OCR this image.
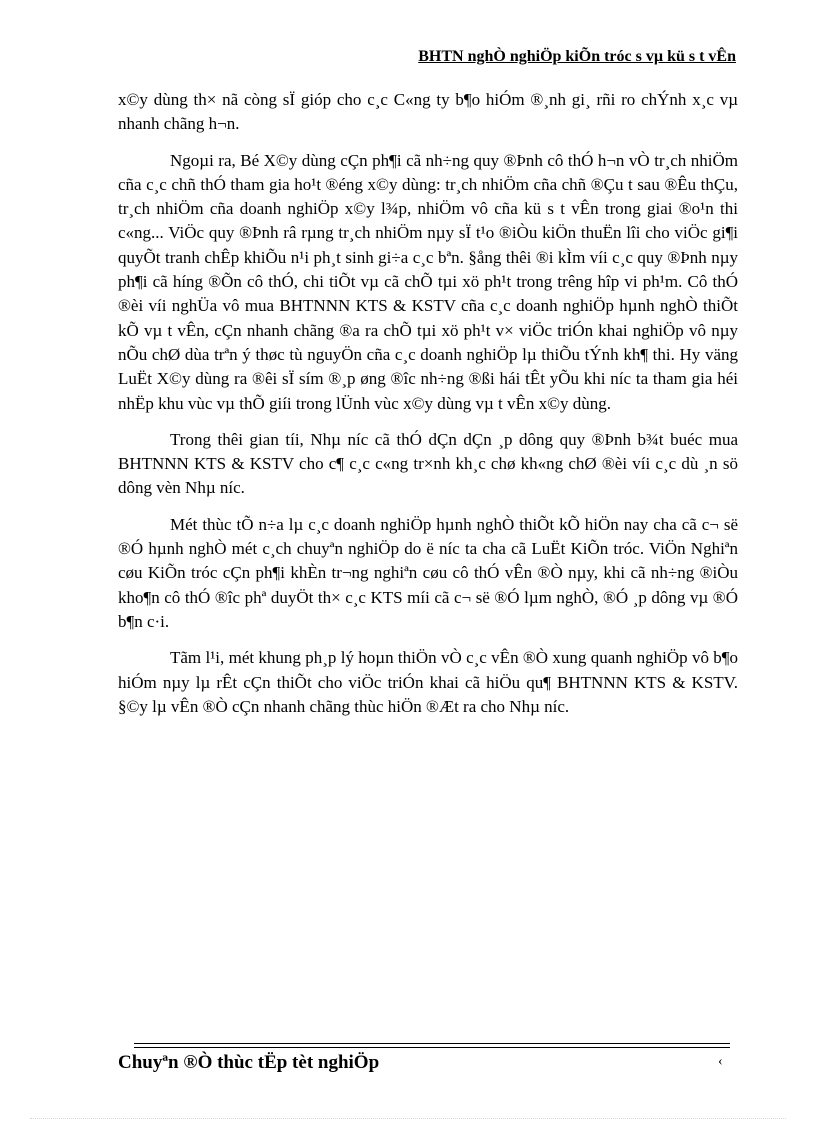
BHTN nghÒ nghiÖp kiÕn tróc s vµ kü s t vÊn

x©y dùng th× nã còng sÏ gióp cho c¸c C«ng ty b¶o hiÓm ®¸nh gi¸ rñi ro chÝnh x¸c vµ nhanh chãng h¬n.

Ngoµi ra, Bé X©y dùng cÇn ph¶i cã nh÷ng quy ®Þnh cô thÓ h¬n vÒ tr¸ch nhiÖm cña c¸c chñ thÓ tham gia ho¹t ®éng x©y dùng: tr¸ch nhiÖm cña chñ ®Çu t sau ®Êu thÇu, tr¸ch nhiÖm cña doanh nghiÖp x©y l¾p, nhiÖm vô cña kü s t vÊn trong giai ®o¹n thi c«ng... ViÖc quy ®Þnh râ rµng tr¸ch nhiÖm nµy sÏ t¹o ®iÒu kiÖn thuËn lîi cho viÖc gi¶i quyÕt tranh chÊp khiÕu n¹i ph¸t sinh gi÷a c¸c bªn. §ång thêi ®i kÌm víi c¸c quy ®Þnh nµy ph¶i cã híng ®Õn cô thÓ, chi tiÕt vµ cã chÕ tµi xö ph¹t trong trêng hîp vi ph¹m. Cô thÓ ®èi víi nghÜa vô mua BHTNNN KTS & KSTV cña c¸c doanh nghiÖp hµnh nghÒ thiÕt kÕ vµ t vÊn, cÇn nhanh chãng ®a ra chÕ tµi xö ph¹t v× viÖc triÓn khai nghiÖp vô nµy nÕu chØ dùa trªn ý thøc tù nguyÖn cña c¸c doanh nghiÖp lµ thiÕu tÝnh kh¶ thi. Hy väng LuËt X©y dùng ra ®êi sÏ sím ®¸p øng ®îc nh÷ng ®ßi hái tÊt yÕu khi níc ta tham gia héi nhËp khu vùc vµ thÕ giíi trong lÜnh vùc x©y dùng vµ t vÊn x©y dùng.

Trong thêi gian tíi, Nhµ níc cã thÓ dÇn dÇn ¸p dông quy ®Þnh b¾t buéc mua BHTNNN KTS & KSTV cho c¶ c¸c c«ng tr×nh kh¸c chø kh«ng chØ ®èi víi c¸c dù ¸n sö dông vèn Nhµ níc.

Mét thùc tÕ n÷a lµ c¸c doanh nghiÖp hµnh nghÒ thiÕt kÕ hiÖn nay cha cã c¬ së ®Ó hµnh nghÒ mét c¸ch chuyªn nghiÖp do ë níc ta cha cã LuËt KiÕn tróc. ViÖn Nghiªn cøu KiÕn tróc cÇn ph¶i khÈn tr¬ng nghiªn cøu cô thÓ vÊn ®Ò nµy, khi cã nh÷ng ®iÒu kho¶n cô thÓ ®îc phª duyÖt th× c¸c KTS míi cã c¬ së ®Ó lµm nghÒ, ®Ó ¸p dông vµ ®Ó b¶n c·i.

Tãm l¹i, mét khung ph¸p lý hoµn thiÖn vÒ c¸c vÊn ®Ò xung quanh nghiÖp vô b¶o hiÓm nµy lµ rÊt cÇn thiÕt cho viÖc triÓn khai cã hiÖu qu¶ BHTNNN KTS & KSTV. §©y lµ vÊn ®Ò cÇn nhanh chãng thùc hiÖn ®Æt ra cho Nhµ níc.

Chuyªn ®Ò thùc tËp tèt nghiÖp	‹
